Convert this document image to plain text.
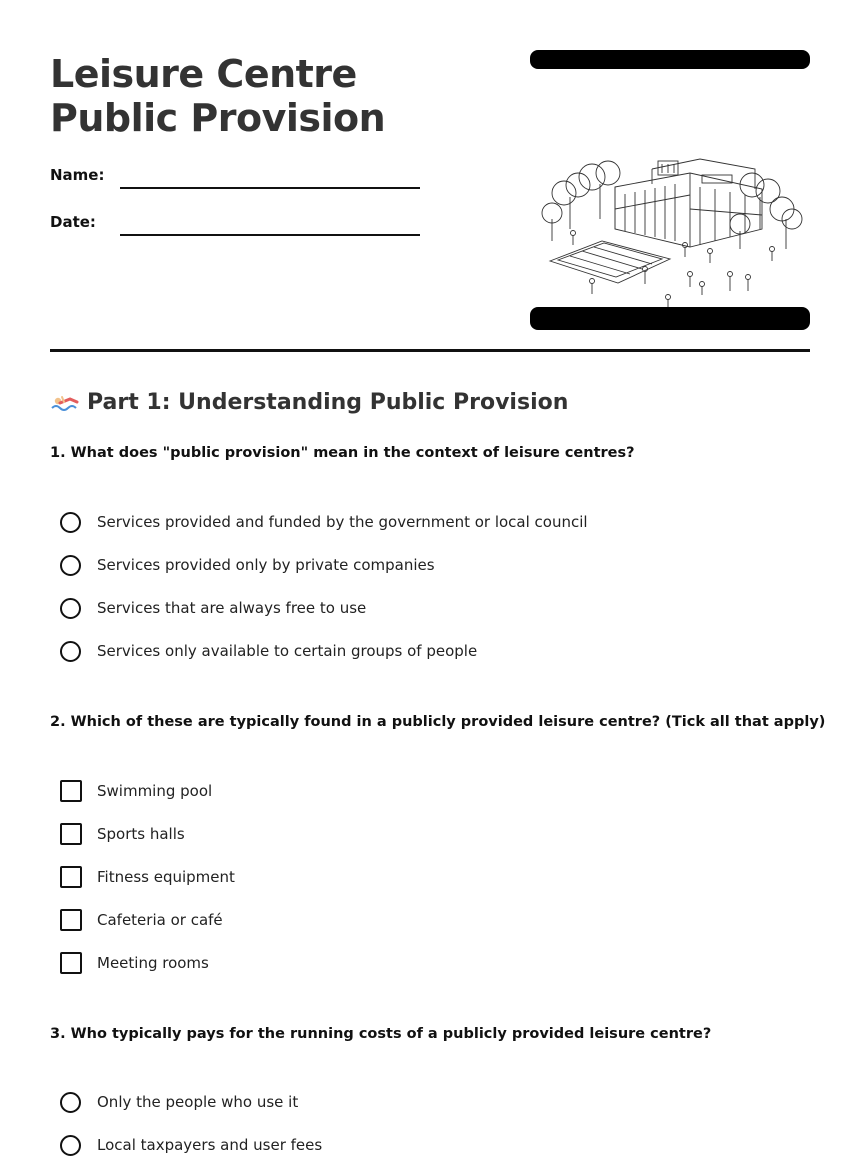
Leisure Centre Public Provision
Name:
Date:
Part 1: Understanding Public Provision

1. What does "public provision" mean in the context of leisure centres?

Services provided and funded by the government or local council
Services provided only by private companies
Services that are always free to use
Services only available to certain groups of people

2. Which of these are typically found in a publicly provided leisure centre? (Tick all that apply)

Swimming pool
Sports halls
Fitness equipment
Cafeteria or café
Meeting rooms

3. Who typically pays for the running costs of a publicly provided leisure centre?

Only the people who use it
Local taxpayers and user fees
